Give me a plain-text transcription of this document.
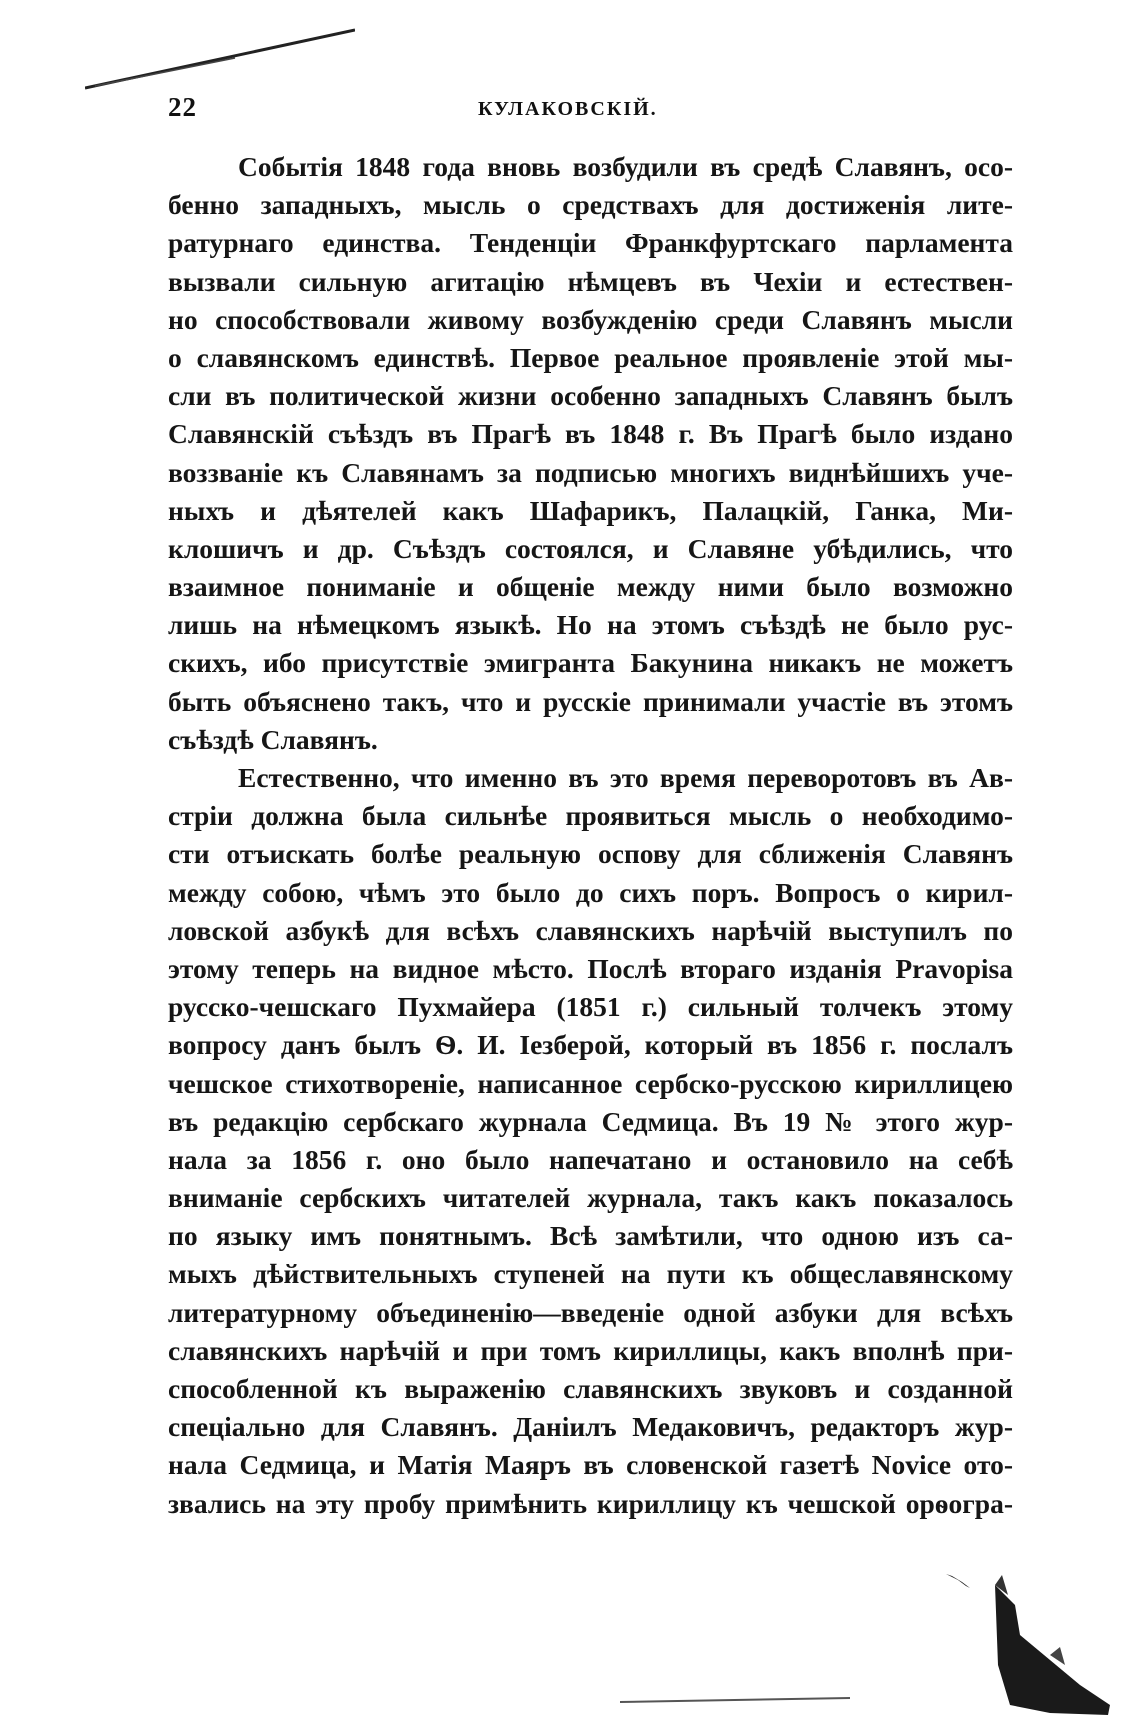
22	КУЛАКОВСКІЙ.
Событія 1848 года вновь возбудили въ средѣ Славянъ, осо-
бенно западныхъ, мысль о средствахъ для достиженія лите-
ратурнаго единства. Тенденціи Франкфуртскаго парламента
вызвали сильную агитацію нѣмцевъ въ Чехіи и естествен-
но способствовали живому возбужденію среди Славянъ мысли
о славянскомъ единствѣ. Первое реальное проявленіе этой мы-
сли въ политической жизни особенно западныхъ Славянъ былъ
Славянскій съѣздъ въ Прагѣ въ 1848 г. Въ Прагѣ было издано
воззваніе къ Славянамъ за подписью многихъ виднѣйшихъ уче-
ныхъ и дѣятелей какъ Шафарикъ, Палацкій, Ганка, Ми-
клошичъ и др. Съѣздъ состоялся, и Славяне убѣдились, что
взаимное пониманіе и общеніе между ними было возможно
лишь на нѣмецкомъ языкѣ. Но на этомъ съѣздѣ не было рус-
скихъ, ибо присутствіе эмигранта Бакунина никакъ не можетъ
быть объяснено такъ, что и русскіе принимали участіе въ этомъ
съѣздѣ Славянъ.
Естественно, что именно въ это время переворотовъ въ Ав-
стріи должна была сильнѣе проявиться мысль о необходимо-
сти отъискать болѣе реальную оспову для сближенія Славянъ
между собою, чѣмъ это было до сихъ поръ. Вопросъ о кирил-
ловской азбукѣ для всѣхъ славянскихъ нарѣчій выступилъ по
этому теперь на видное мѣсто. Послѣ втораго изданія Pravopisa
русско-чешскаго Пухмайера (1851 г.) сильный толчекъ этому
вопросу данъ былъ Ѳ. И. Іезберой, который въ 1856 г. послалъ
чешское стихотвореніе, написанное сербско-русскою кириллицею
въ редакцію сербскаго журнала Седмица. Въ 19 № этого жур-
нала за 1856 г. оно было напечатано и остановило на себѣ
вниманіе сербскихъ читателей журнала, такъ какъ показалось
по языку имъ понятнымъ. Всѣ замѣтили, что одною изъ са-
мыхъ дѣйствительныхъ ступеней на пути къ общеславянскому
литературному объединенію—введеніе одной азбуки для всѣхъ
славянскихъ нарѣчій и при томъ кириллицы, какъ вполнѣ при-
способленной къ выраженію славянскихъ звуковъ и созданной
спеціально для Славянъ. Даніилъ Медаковичъ, редакторъ жур-
нала Седмица, и Матія Маяръ въ словенской газетѣ Novice ото-
звались на эту пробу примѣнить кириллицу къ чешской орѳогра-
